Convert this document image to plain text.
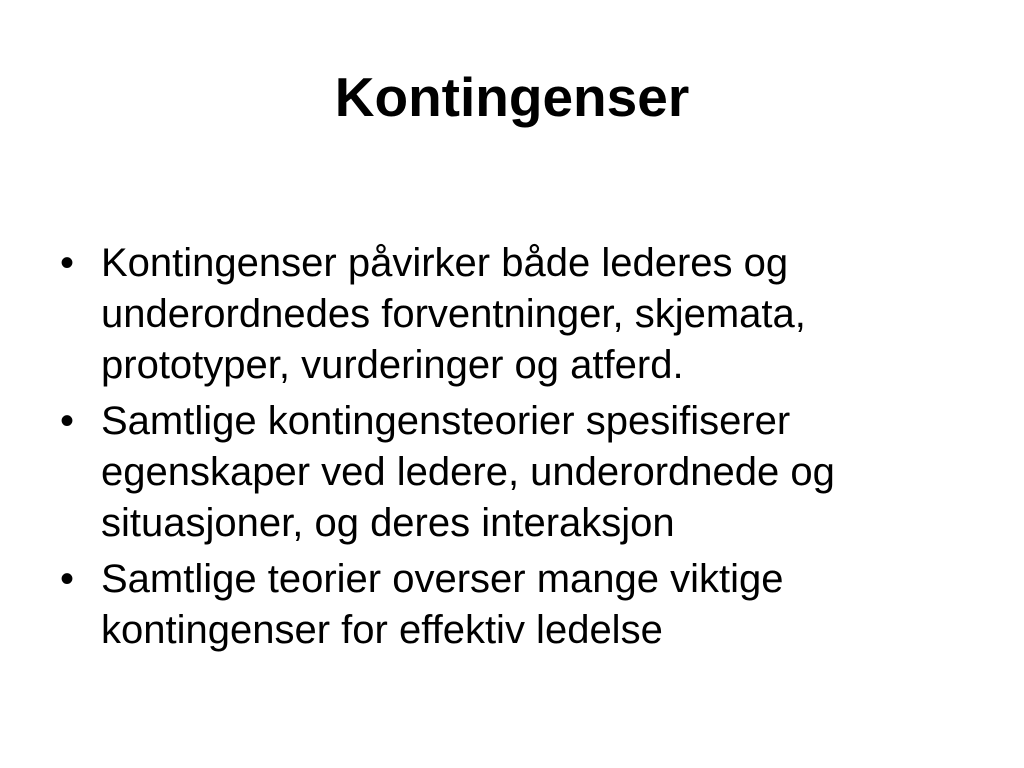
Kontingenser
• Kontingenser påvirker både lederes og
underordnedes forventninger, skjemata,
prototyper, vurderinger og atferd.
• Samtlige kontingensteorier spesifiserer
egenskaper ved ledere, underordnede og
situasjoner, og deres interaksjon
• Samtlige teorier overser mange viktige
kontingenser for effektiv ledelse
